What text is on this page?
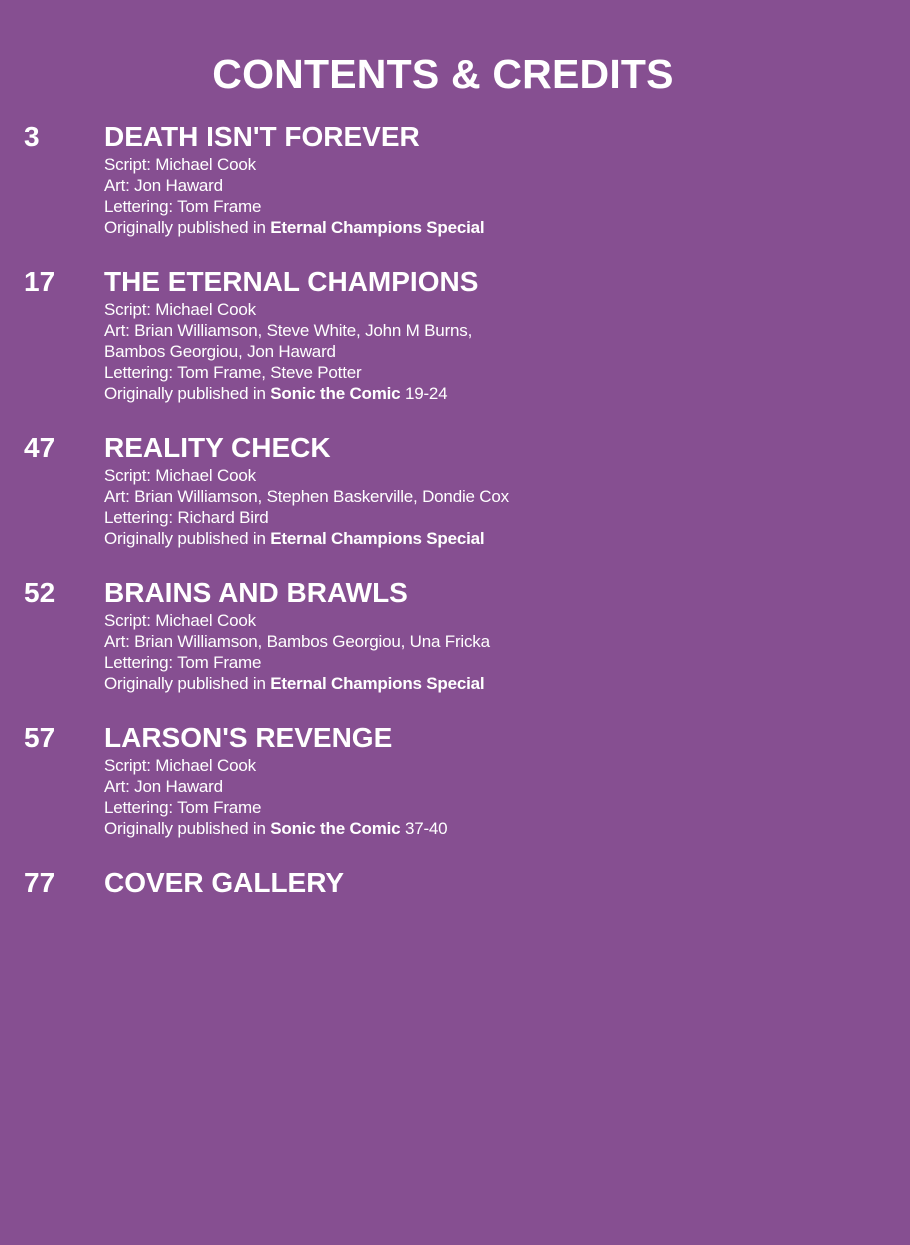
CONTENTS & CREDITS
3 DEATH ISN'T FOREVER
Script: Michael Cook
Art: Jon Haward
Lettering: Tom Frame
Originally published in Eternal Champions Special
17 THE ETERNAL CHAMPIONS
Script: Michael Cook
Art: Brian Williamson, Steve White, John M Burns,
Bambos Georgiou, Jon Haward
Lettering: Tom Frame, Steve Potter
Originally published in Sonic the Comic 19-24
47 REALITY CHECK
Script: Michael Cook
Art: Brian Williamson, Stephen Baskerville, Dondie Cox
Lettering: Richard Bird
Originally published in Eternal Champions Special
52 BRAINS AND BRAWLS
Script: Michael Cook
Art: Brian Williamson, Bambos Georgiou, Una Fricka
Lettering: Tom Frame
Originally published in Eternal Champions Special
57 LARSON'S REVENGE
Script: Michael Cook
Art: Jon Haward
Lettering: Tom Frame
Originally published in Sonic the Comic 37-40
77 COVER GALLERY
